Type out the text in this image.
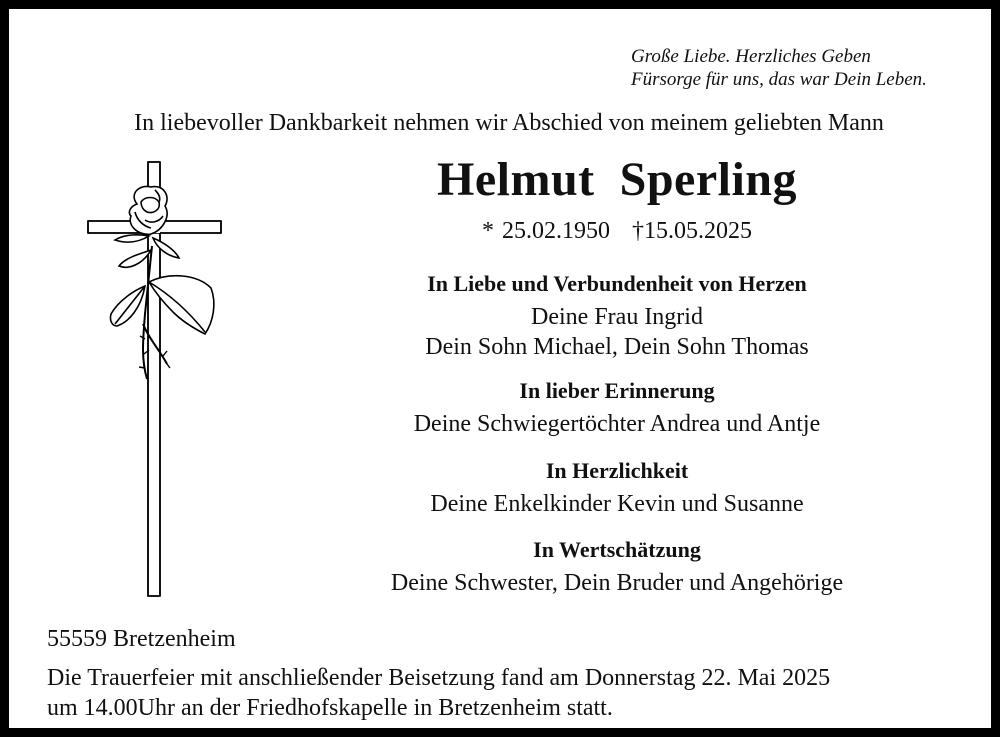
Große Liebe. Herzliches Geben
Fürsorge für uns, das war Dein Leben.
In liebevoller Dankbarkeit nehmen wir Abschied von meinem geliebten Mann
Helmut  Sperling
* 25.02.1950 †15.05.2025
In Liebe und Verbundenheit von Herzen
Deine Frau Ingrid
Dein Sohn Michael, Dein Sohn Thomas
In lieber Erinnerung
Deine Schwiegertöchter Andrea und Antje
In Herzlichkeit
Deine Enkelkinder Kevin und Susanne
In Wertschätzung
Deine Schwester, Dein Bruder und Angehörige
55559 Bretzenheim
Die Trauerfeier mit anschließender Beisetzung fand am Donnerstag 22. Mai 2025
um 14.00Uhr an der Friedhofskapelle in Bretzenheim statt.
